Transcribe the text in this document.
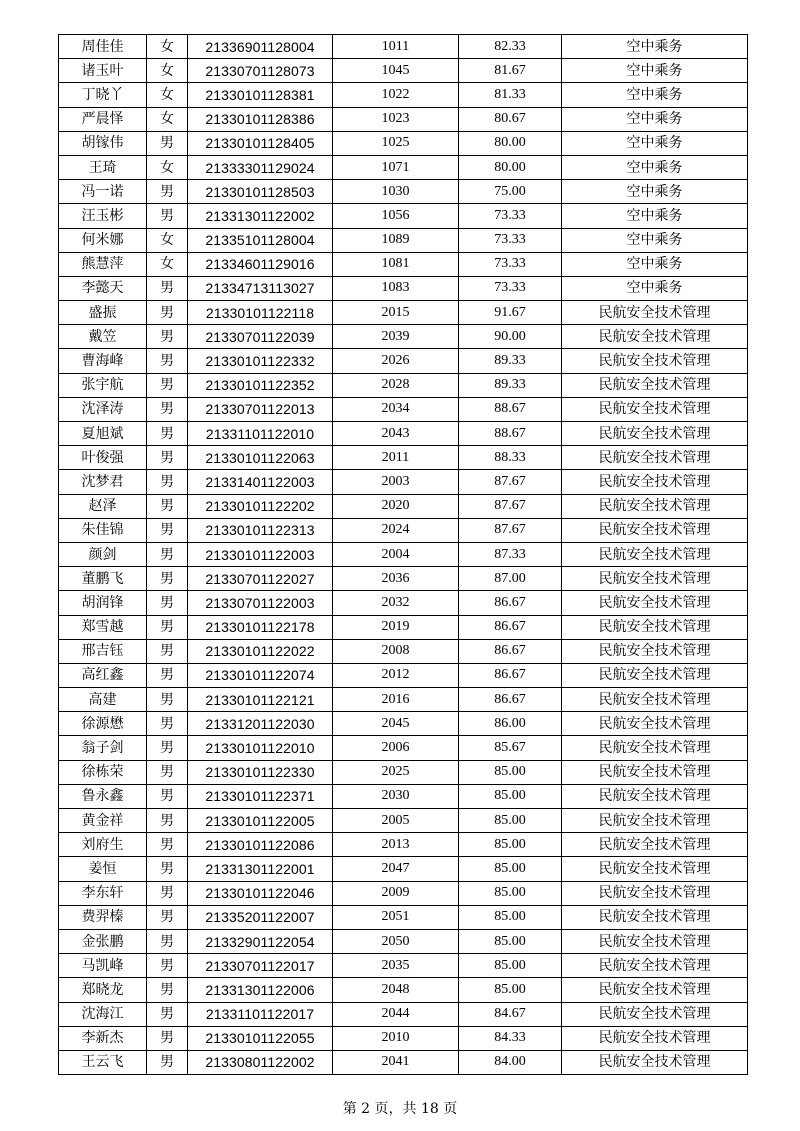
周佳佳	女	21336901128004	1011	82.33	空中乘务
诸玉叶	女	21330701128073	1045	81.67	空中乘务
丁晓丫	女	21330101128381	1022	81.33	空中乘务
严晨怿	女	21330101128386	1023	80.67	空中乘务
胡镓伟	男	21330101128405	1025	80.00	空中乘务
王琦	女	21333301129024	1071	80.00	空中乘务
冯一诺	男	21330101128503	1030	75.00	空中乘务
汪玉彬	男	21331301122002	1056	73.33	空中乘务
何米娜	女	21335101128004	1089	73.33	空中乘务
熊慧萍	女	21334601129016	1081	73.33	空中乘务
李懿天	男	21334713113027	1083	73.33	空中乘务
盛振	男	21330101122118	2015	91.67	民航安全技术管理
戴笠	男	21330701122039	2039	90.00	民航安全技术管理
曹海峰	男	21330101122332	2026	89.33	民航安全技术管理
张宇航	男	21330101122352	2028	89.33	民航安全技术管理
沈泽涛	男	21330701122013	2034	88.67	民航安全技术管理
夏旭斌	男	21331101122010	2043	88.67	民航安全技术管理
叶俊强	男	21330101122063	2011	88.33	民航安全技术管理
沈梦君	男	21331401122003	2003	87.67	民航安全技术管理
赵泽	男	21330101122202	2020	87.67	民航安全技术管理
朱佳锦	男	21330101122313	2024	87.67	民航安全技术管理
颜剑	男	21330101122003	2004	87.33	民航安全技术管理
董鹏飞	男	21330701122027	2036	87.00	民航安全技术管理
胡润锋	男	21330701122003	2032	86.67	民航安全技术管理
郑雪越	男	21330101122178	2019	86.67	民航安全技术管理
邢吉钰	男	21330101122022	2008	86.67	民航安全技术管理
高红鑫	男	21330101122074	2012	86.67	民航安全技术管理
高建	男	21330101122121	2016	86.67	民航安全技术管理
徐源懋	男	21331201122030	2045	86.00	民航安全技术管理
翁子剑	男	21330101122010	2006	85.67	民航安全技术管理
徐栋荣	男	21330101122330	2025	85.00	民航安全技术管理
鲁永鑫	男	21330101122371	2030	85.00	民航安全技术管理
黄金祥	男	21330101122005	2005	85.00	民航安全技术管理
刘府生	男	21330101122086	2013	85.00	民航安全技术管理
姜恒	男	21331301122001	2047	85.00	民航安全技术管理
李东轩	男	21330101122046	2009	85.00	民航安全技术管理
费羿榛	男	21335201122007	2051	85.00	民航安全技术管理
金张鹏	男	21332901122054	2050	85.00	民航安全技术管理
马凯峰	男	21330701122017	2035	85.00	民航安全技术管理
郑晓龙	男	21331301122006	2048	85.00	民航安全技术管理
沈海江	男	21331101122017	2044	84.67	民航安全技术管理
李新杰	男	21330101122055	2010	84.33	民航安全技术管理
王云飞	男	21330801122002	2041	84.00	民航安全技术管理
第 2 页，共 18 页
